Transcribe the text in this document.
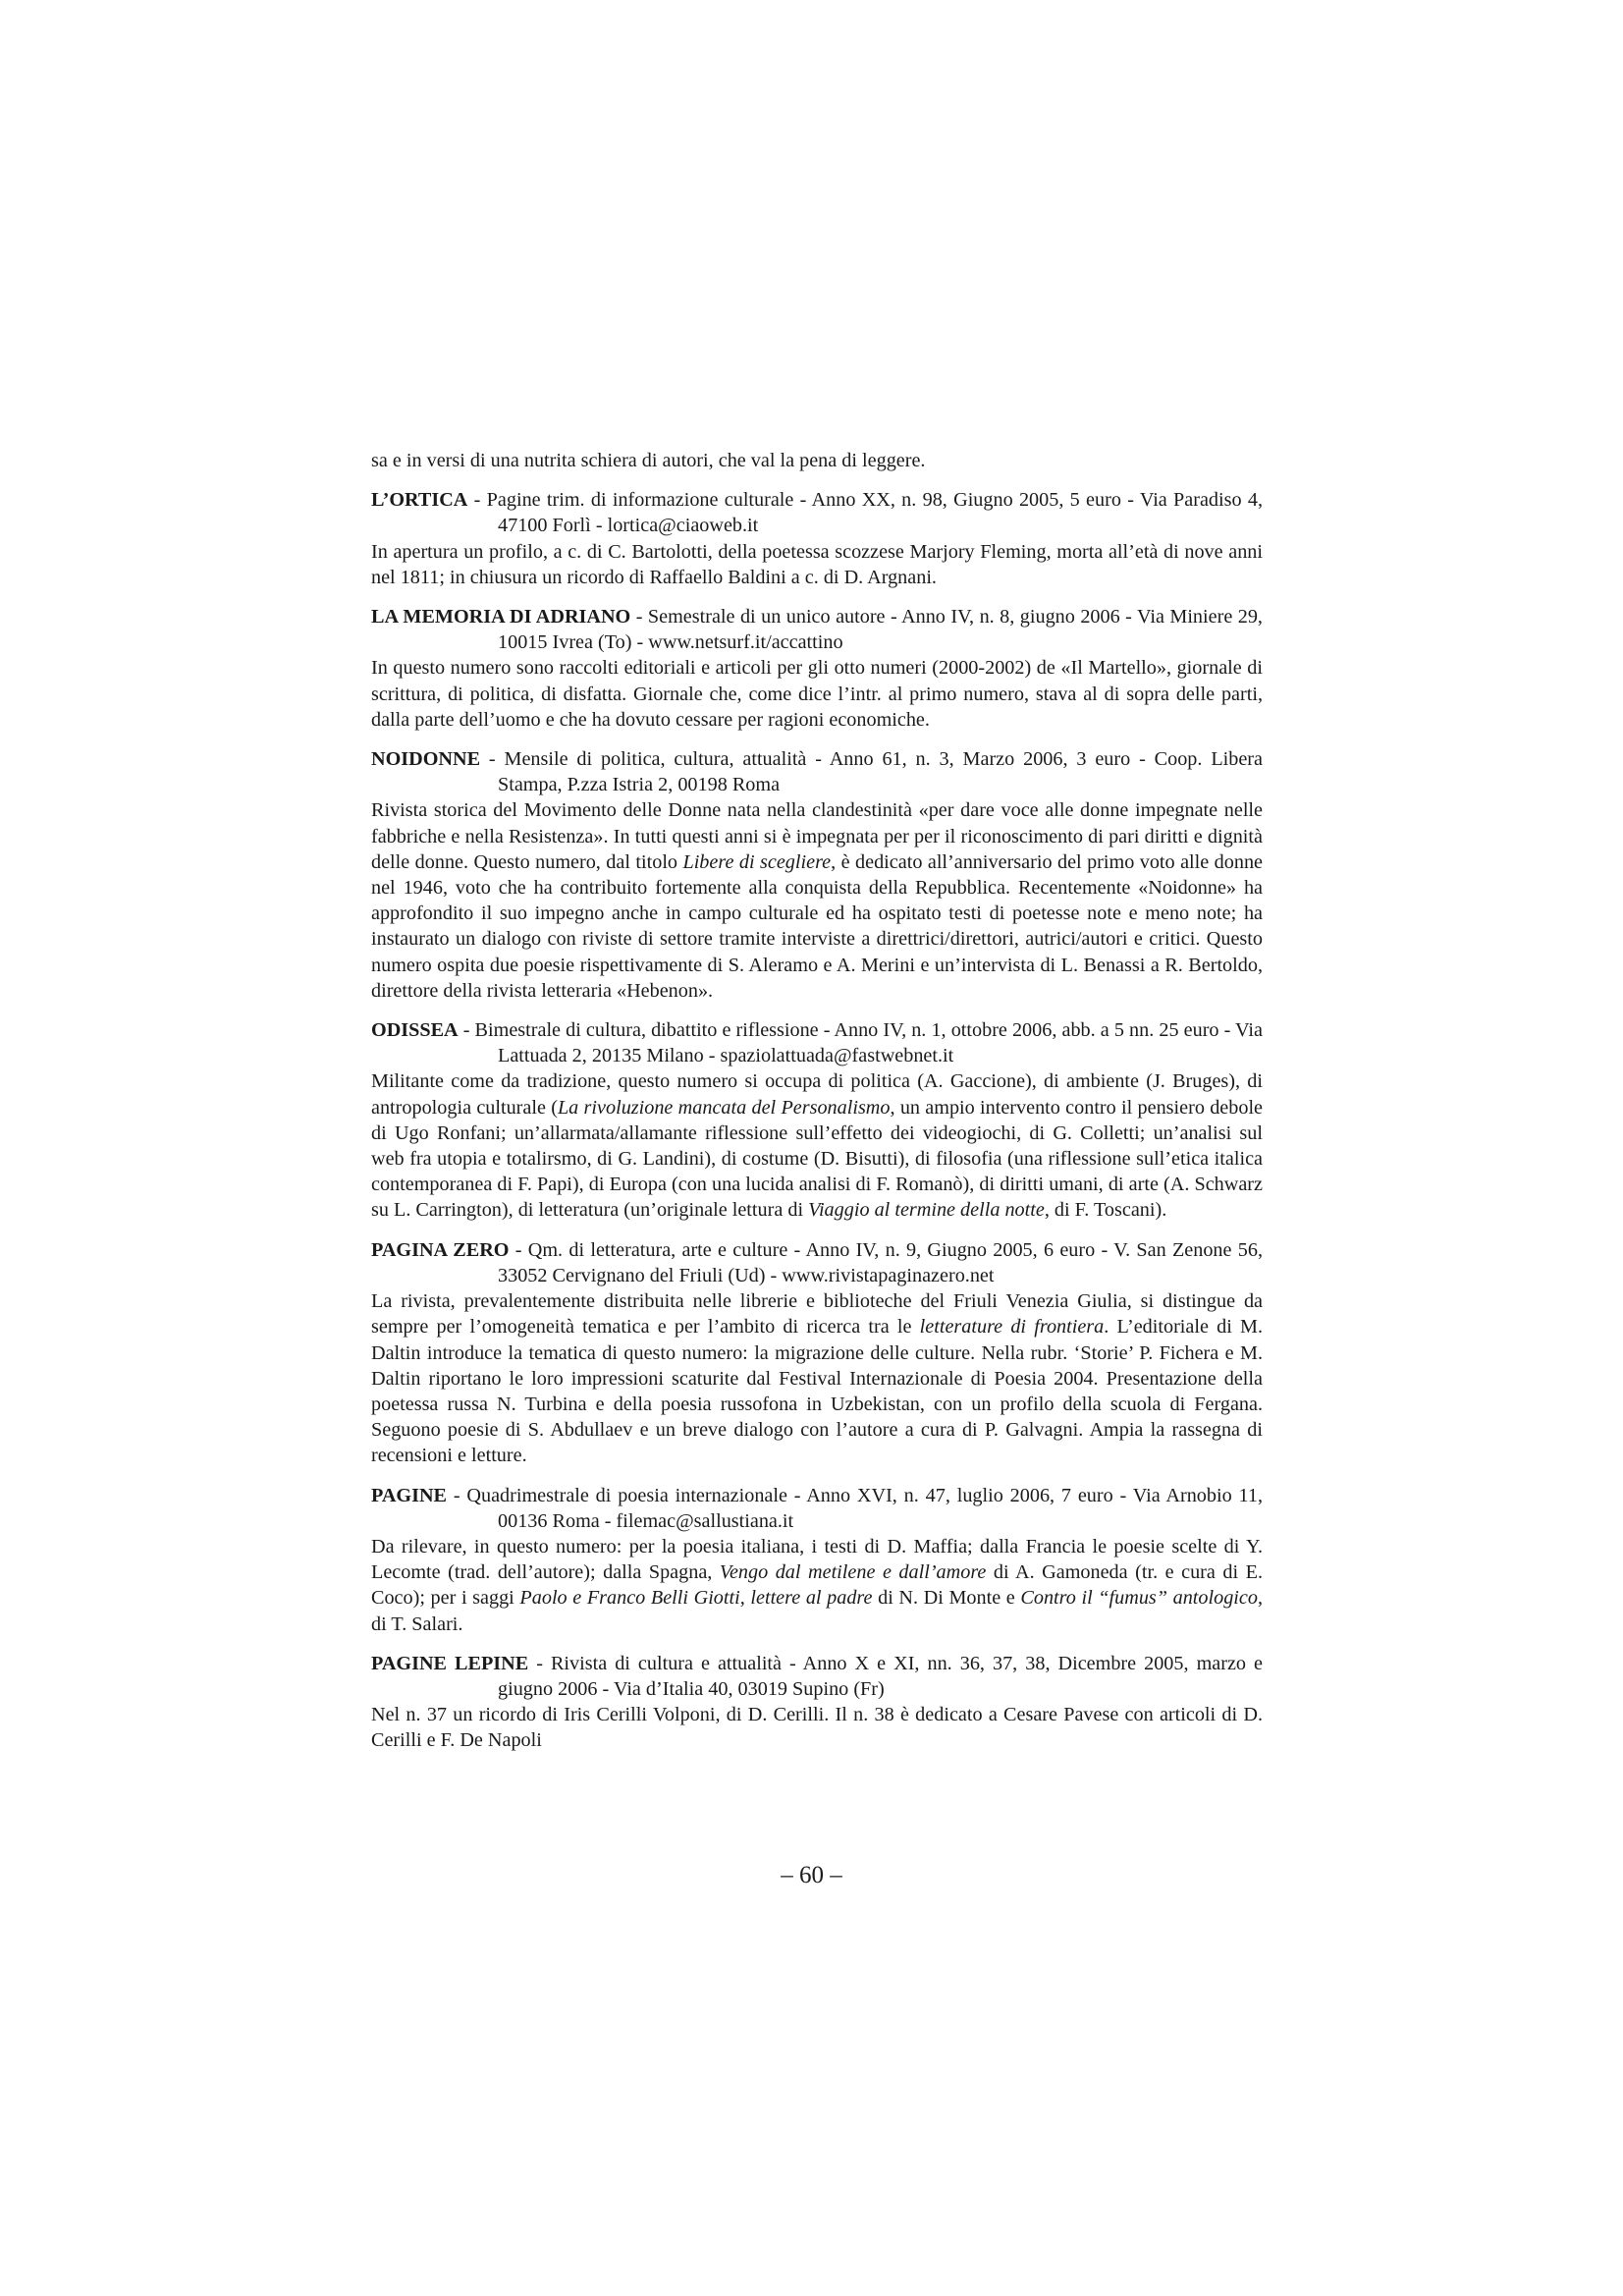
sa e in versi di una nutrita schiera di autori, che val la pena di leggere.

L’ORTICA - Pagine trim. di informazione culturale - Anno XX, n. 98, Giugno 2005, 5 euro - Via Paradiso 4, 47100 Forlì - lortica@ciaoweb.it

In apertura un profilo, a c. di C. Bartolotti, della poetessa scozzese Marjory Fleming, morta all’età di nove anni nel 1811; in chiusura un ricordo di Raffaello Baldini a c. di D. Argnani.

LA MEMORIA DI ADRIANO - Semestrale di un unico autore - Anno IV, n. 8, giugno 2006 - Via Miniere 29, 10015 Ivrea (To) - www.netsurf.it/accattino

In questo numero sono raccolti editoriali e articoli per gli otto numeri (2000-2002) de «Il Martello», giornale di scrittura, di politica, di disfatta. Giornale che, come dice l’intr. al primo numero, stava al di sopra delle parti, dalla parte dell’uomo e che ha dovuto cessare per ragioni economiche.

NOIDONNE - Mensile di politica, cultura, attualità - Anno 61, n. 3, Marzo 2006, 3 euro - Coop. Libera Stampa, P.zza Istria 2, 00198 Roma

Rivista storica del Movimento delle Donne nata nella clandestinità «per dare voce alle donne impegnate nelle fabbriche e nella Resistenza». In tutti questi anni si è impegnata per per il riconoscimento di pari diritti e dignità delle donne. Questo numero, dal titolo Libere di scegliere, è dedicato all’anniversario del primo voto alle donne nel 1946, voto che ha contribuito fortemente alla conquista della Repubblica. Recentemente «Noidonne» ha approfondito il suo impegno anche in campo culturale ed ha ospitato testi di poetesse note e meno note; ha instaurato un dialogo con riviste di settore tramite interviste a direttrici/direttori, autrici/autori e critici. Questo numero ospita due poesie rispettivamente di S. Aleramo e A. Merini e un’intervista di L. Benassi a R. Bertoldo, direttore della rivista letteraria «Hebenon».

ODISSEA - Bimestrale di cultura, dibattito e riflessione - Anno IV, n. 1, ottobre 2006, abb. a 5 nn. 25 euro - Via Lattuada 2, 20135 Milano - spaziolattuada@fastwebnet.it

Militante come da tradizione, questo numero si occupa di politica (A. Gaccione), di ambiente (J. Bruges), di antropologia culturale (La rivoluzione mancata del Personalismo, un ampio intervento contro il pensiero debole di Ugo Ronfani; un’allarmata/allamante riflessione sull’effetto dei videogiochi, di G. Colletti; un’analisi sul web fra utopia e totalirsmo, di G. Landini), di costume (D. Bisutti), di filosofia (una riflessione sull’etica italica contemporanea di F. Papi), di Europa (con una lucida analisi di F. Romanò), di diritti umani, di arte (A. Schwarz su L. Carrington), di letteratura (un’originale lettura di Viaggio al termine della notte, di F. Toscani).

PAGINA ZERO - Qm. di letteratura, arte e culture - Anno IV, n. 9, Giugno 2005, 6 euro - V. San Zenone 56, 33052 Cervignano del Friuli (Ud) - www.rivistapaginazero.net

La rivista, prevalentemente distribuita nelle librerie e biblioteche del Friuli Venezia Giulia, si distingue da sempre per l’omogeneità tematica e per l’ambito di ricerca tra le letterature di frontiera. L’editoriale di M. Daltin introduce la tematica di questo numero: la migrazione delle culture. Nella rubr. ‘Storie’ P. Fichera e M. Daltin riportano le loro impressioni scaturite dal Festival Internazionale di Poesia 2004. Presentazione della poetessa russa N. Turbina e della poesia russofona in Uzbekistan, con un profilo della scuola di Fergana. Seguono poesie di S. Abdullaev e un breve dialogo con l’autore a cura di P. Galvagni. Ampia la rassegna di recensioni e letture.

PAGINE - Quadrimestrale di poesia internazionale - Anno XVI, n. 47, luglio 2006, 7 euro - Via Arnobio 11, 00136 Roma - filemac@sallustiana.it

Da rilevare, in questo numero: per la poesia italiana, i testi di D. Maffia; dalla Francia le poesie scelte di Y. Lecomte (trad. dell’autore); dalla Spagna, Vengo dal metilene e dall’amore di A. Gamoneda (tr. e cura di E. Coco); per i saggi Paolo e Franco Belli Giotti, lettere al padre di N. Di Monte e Contro il “fumus” antologico, di T. Salari.

PAGINE LEPINE - Rivista di cultura e attualità - Anno X e XI, nn. 36, 37, 38, Dicembre 2005, marzo e giugno 2006 - Via d’Italia 40, 03019 Supino (Fr)

Nel n. 37 un ricordo di Iris Cerilli Volponi, di D. Cerilli. Il n. 38 è dedicato a Cesare Pavese con articoli di D. Cerilli e F. De Napoli

– 60 –
